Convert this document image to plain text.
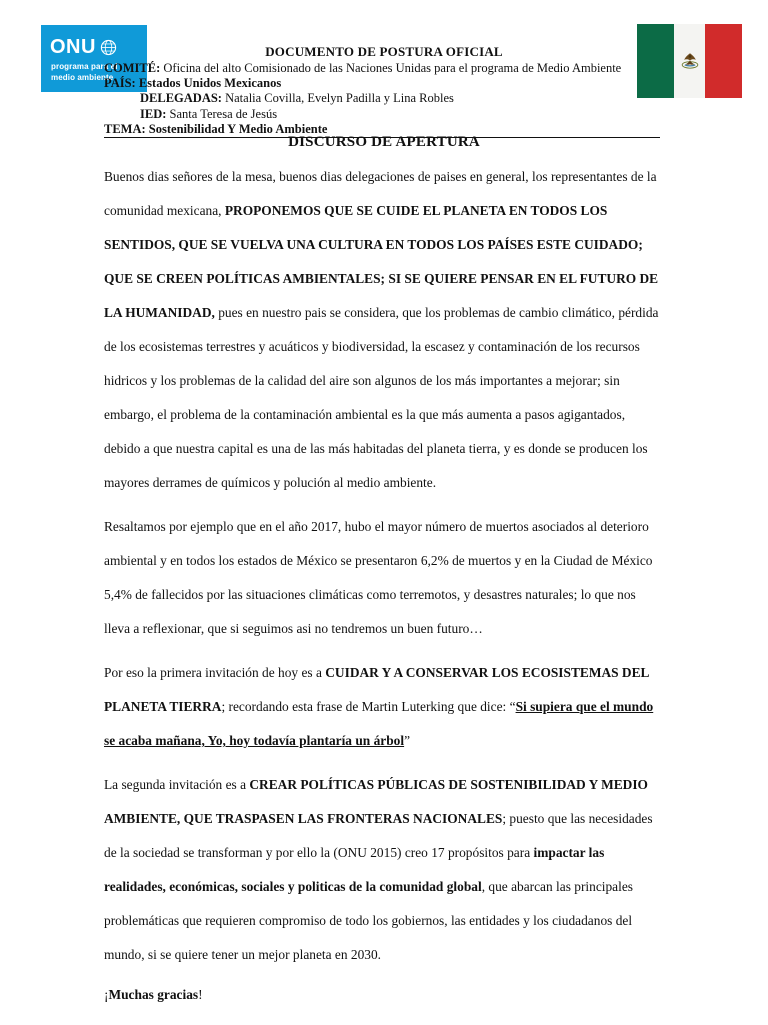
ONU
programa para el medio ambiente
DOCUMENTO DE POSTURA OFICIAL
COMITÉ: Oficina del alto Comisionado de las Naciones Unidas para el programa de Medio Ambiente
PAÍS: Estados Unidos Mexicanos
DELEGADAS: Natalia Covilla, Evelyn Padilla y Lina Robles
IED: Santa Teresa de Jesús
TEMA: Sostenibilidad Y Medio Ambiente
DISCURSO DE APERTURA

Buenos dias señores de la mesa, buenos dias delegaciones de paises en general, los representantes de la comunidad mexicana, PROPONEMOS QUE SE CUIDE EL PLANETA EN TODOS LOS SENTIDOS, QUE SE VUELVA UNA CULTURA EN TODOS LOS PAÍSES ESTE CUIDADO; QUE SE CREEN POLÍTICAS AMBIENTALES; SI SE QUIERE PENSAR EN EL FUTURO DE LA HUMANIDAD, pues en nuestro pais se considera, que los problemas de cambio climático, pérdida de los ecosistemas terrestres y acuáticos y biodiversidad, la escasez y contaminación de los recursos hidricos y los problemas de la calidad del aire son algunos de los más importantes a mejorar; sin embargo, el problema de la contaminación ambiental es la que más aumenta a pasos agigantados, debido a que nuestra capital es una de las más habitadas del planeta tierra, y es donde se producen los mayores derrames de químicos y polución al medio ambiente.

Resaltamos por ejemplo que en el año 2017, hubo el mayor número de muertos asociados al deterioro ambiental y en todos los estados de México se presentaron 6,2% de muertos y en la Ciudad de México 5,4% de fallecidos por las situaciones climáticas como terremotos, y desastres naturales; lo que nos lleva a reflexionar, que si seguimos asi no tendremos un buen futuro…

Por eso la primera invitación de hoy es a CUIDAR Y A CONSERVAR LOS ECOSISTEMAS DEL PLANETA TIERRA; recordando esta frase de Martin Luterking que dice: “Si supiera que el mundo se acaba mañana, Yo, hoy todavía plantaría un árbol”

La segunda invitación es a CREAR POLÍTICAS PÚBLICAS DE SOSTENIBILIDAD Y MEDIO AMBIENTE, QUE TRASPASEN LAS FRONTERAS NACIONALES; puesto que las necesidades de la sociedad se transforman y por ello la (ONU 2015) creo 17 propósitos para impactar las realidades, económicas, sociales y politicas de la comunidad global, que abarcan las principales problemáticas que requieren compromiso de todo los gobiernos, las entidades y los ciudadanos del mundo, si se quiere tener un mejor planeta en 2030.

¡Muchas gracias!
